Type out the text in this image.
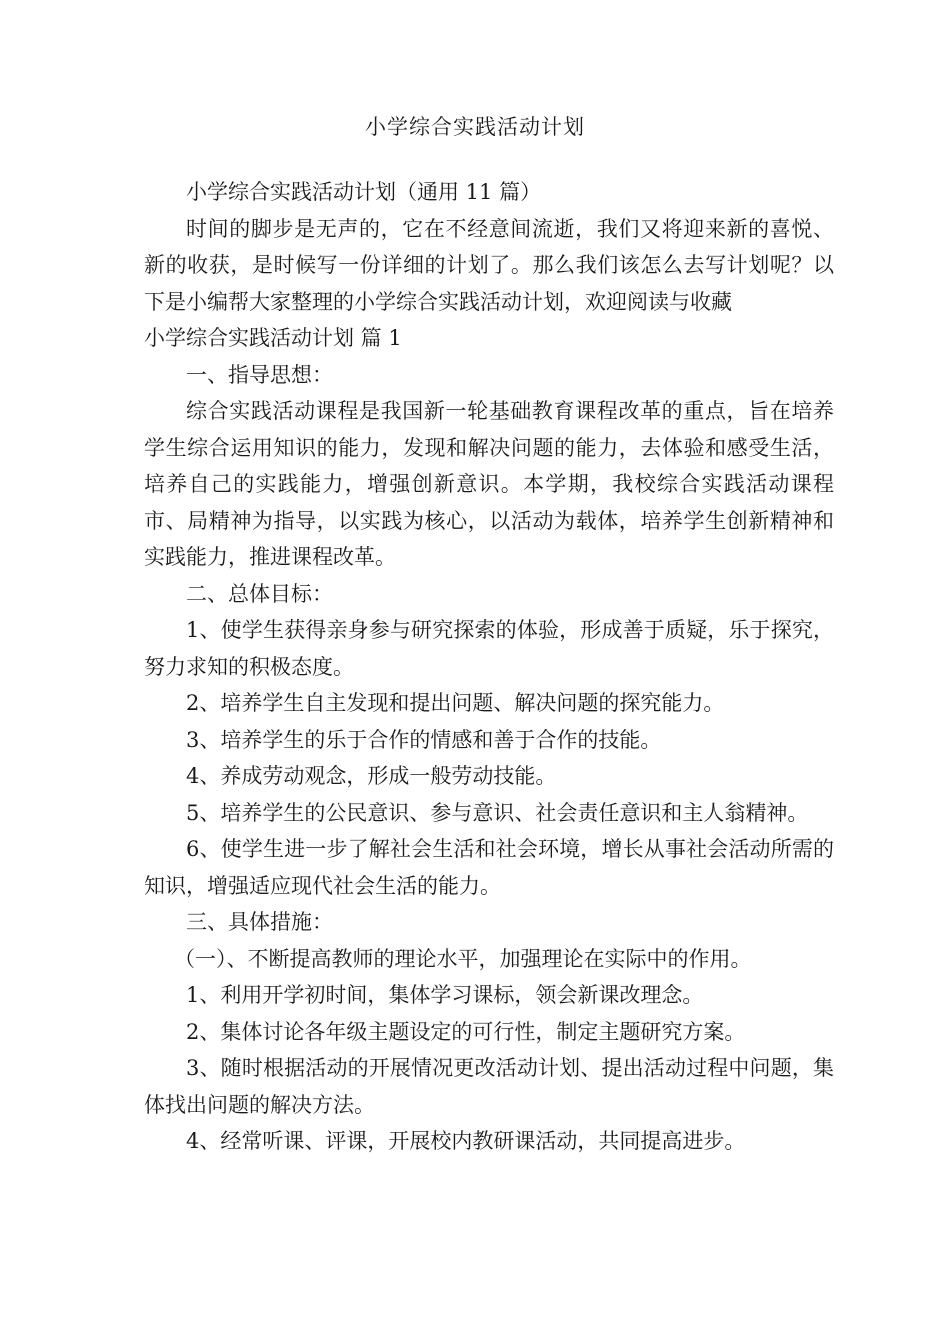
小学综合实践活动计划

小学综合实践活动计划（通用 11 篇）

时间的脚步是无声的，它在不经意间流逝，我们又将迎来新的喜悦、新的收获，是时候写一份详细的计划了。那么我们该怎么去写计划呢？以下是小编帮大家整理的小学综合实践活动计划，欢迎阅读与收藏

小学综合实践活动计划 篇 1

一、指导思想：

综合实践活动课程是我国新一轮基础教育课程改革的重点，旨在培养学生综合运用知识的能力，发现和解决问题的能力，去体验和感受生活，培养自己的实践能力，增强创新意识。本学期，我校综合实践活动课程市、局精神为指导，以实践为核心，以活动为载体，培养学生创新精神和实践能力，推进课程改革。

二、总体目标：

1、使学生获得亲身参与研究探索的体验，形成善于质疑，乐于探究，努力求知的积极态度。

2、培养学生自主发现和提出问题、解决问题的探究能力。

3、培养学生的乐于合作的情感和善于合作的技能。

4、养成劳动观念，形成一般劳动技能。

5、培养学生的公民意识、参与意识、社会责任意识和主人翁精神。

6、使学生进一步了解社会生活和社会环境，增长从事社会活动所需的知识，增强适应现代社会生活的能力。

三、具体措施：

（一）、不断提高教师的理论水平，加强理论在实际中的作用。

1、利用开学初时间，集体学习课标，领会新课改理念。

2、集体讨论各年级主题设定的可行性，制定主题研究方案。

3、随时根据活动的开展情况更改活动计划、提出活动过程中问题，集体找出问题的解决方法。

4、经常听课、评课，开展校内教研课活动，共同提高进步。
